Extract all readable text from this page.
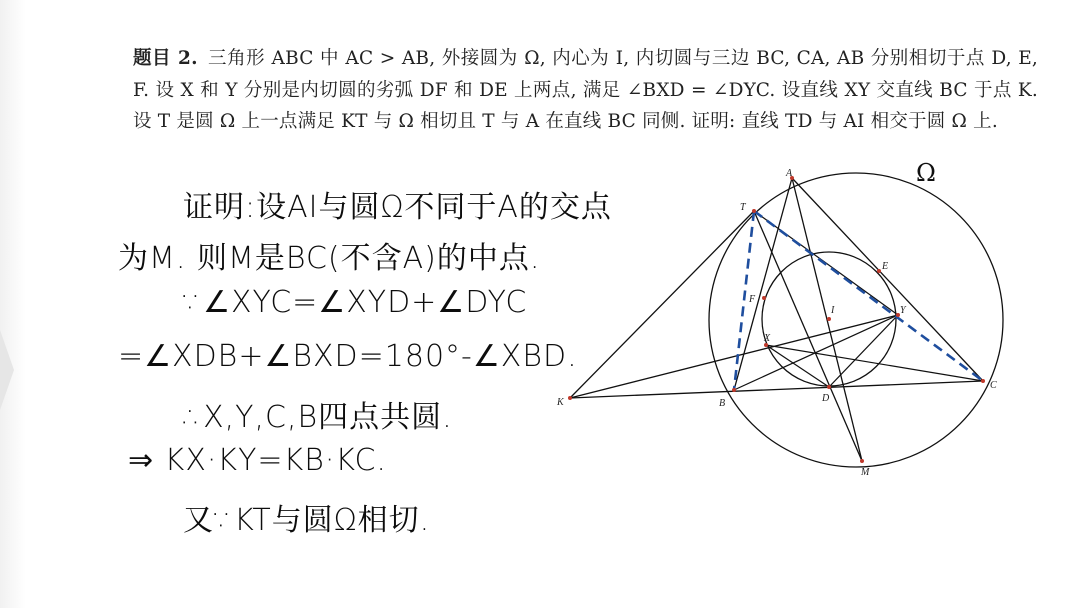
题目 2. 三角形 ABC 中 AC > AB, 外接圆为 Ω, 内心为 I, 内切圆与三边 BC, CA, AB 分别相切于点 D, E, F. 设 X 和 Y 分别是内切圆的劣弧 DF 和 DE 上两点, 满足 ∠BXD = ∠DYC. 设直线 XY 交直线 BC 于点 K. 设 T 是圆 Ω 上一点满足 KT 与 Ω 相切且 T 与 A 在直线 BC 同侧. 证明: 直线 TD 与 AI 相交于圆 Ω 上.
证明:设AI与圆Ω不同于A的交点
为M. 则M是BC(不含A)的中点.
∵∠XYC=∠XYD+∠DYC
=∠XDB+∠BXD=180°-∠XBD.
∴X,Y,C,B四点共圆.
⇒ KX·KY=KB·KC.
又∵KT与圆Ω相切.
Ω
A
T
E
F
I	Y
X
K	B	D
C
M
